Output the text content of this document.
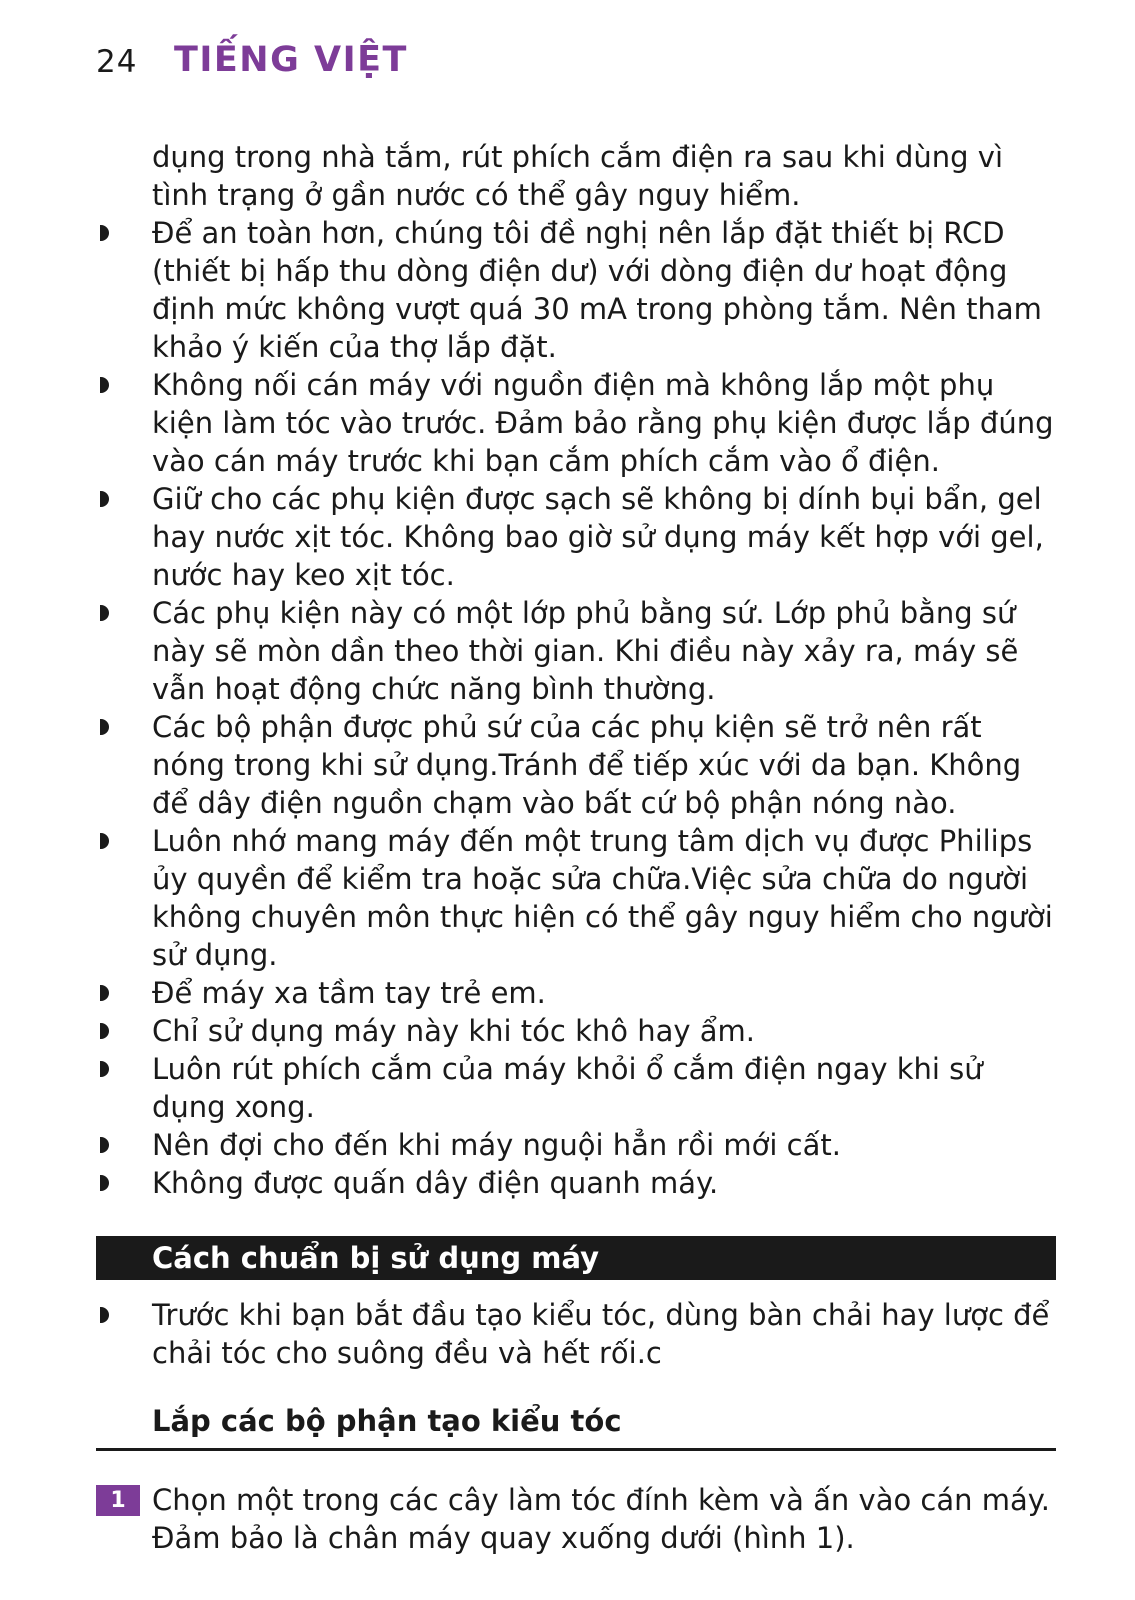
24 TIẾNG VIỆT
dụng trong nhà tắm, rút phích cắm điện ra sau khi dùng vì tình trạng ở gần nước có thể gây nguy hiểm.
Để an toàn hơn, chúng tôi đề nghị nên lắp đặt thiết bị RCD (thiết bị hấp thu dòng điện dư) với dòng điện dư hoạt động định mức không vượt quá 30 mA trong phòng tắm. Nên tham khảo ý kiến của thợ lắp đặt.
Không nối cán máy với nguồn điện mà không lắp một phụ kiện làm tóc vào trước. Đảm bảo rằng phụ kiện được lắp đúng vào cán máy trước khi bạn cắm phích cắm vào ổ điện.
Giữ cho các phụ kiện được sạch sẽ không bị dính bụi bẩn, gel hay nước xịt tóc. Không bao giờ sử dụng máy kết hợp với gel, nước hay keo xịt tóc.
Các phụ kiện này có một lớp phủ bằng sứ. Lớp phủ bằng sứ này sẽ mòn dần theo thời gian. Khi điều này xảy ra, máy sẽ vẫn hoạt động chức năng bình thường.
Các bộ phận được phủ sứ của các phụ kiện sẽ trở nên rất nóng trong khi sử dụng.Tránh để tiếp xúc với da bạn. Không để dây điện nguồn chạm vào bất cứ bộ phận nóng nào.
Luôn nhớ mang máy đến một trung tâm dịch vụ được Philips ủy quyền để kiểm tra hoặc sửa chữa.Việc sửa chữa do người không chuyên môn thực hiện có thể gây nguy hiểm cho người sử dụng.
Để máy xa tầm tay trẻ em.
Chỉ sử dụng máy này khi tóc khô hay ẩm.
Luôn rút phích cắm của máy khỏi ổ cắm điện ngay khi sử dụng xong.
Nên đợi cho đến khi máy nguội hẳn rồi mới cất.
Không được quấn dây điện quanh máy.
Cách chuẩn bị sử dụng máy
Trước khi bạn bắt đầu tạo kiểu tóc, dùng bàn chải hay lược để chải tóc cho suông đều và hết rối.c
Lắp các bộ phận tạo kiểu tóc
1 Chọn một trong các cây làm tóc đính kèm và ấn vào cán máy. Đảm bảo là chân máy quay xuống dưới (hình 1).
